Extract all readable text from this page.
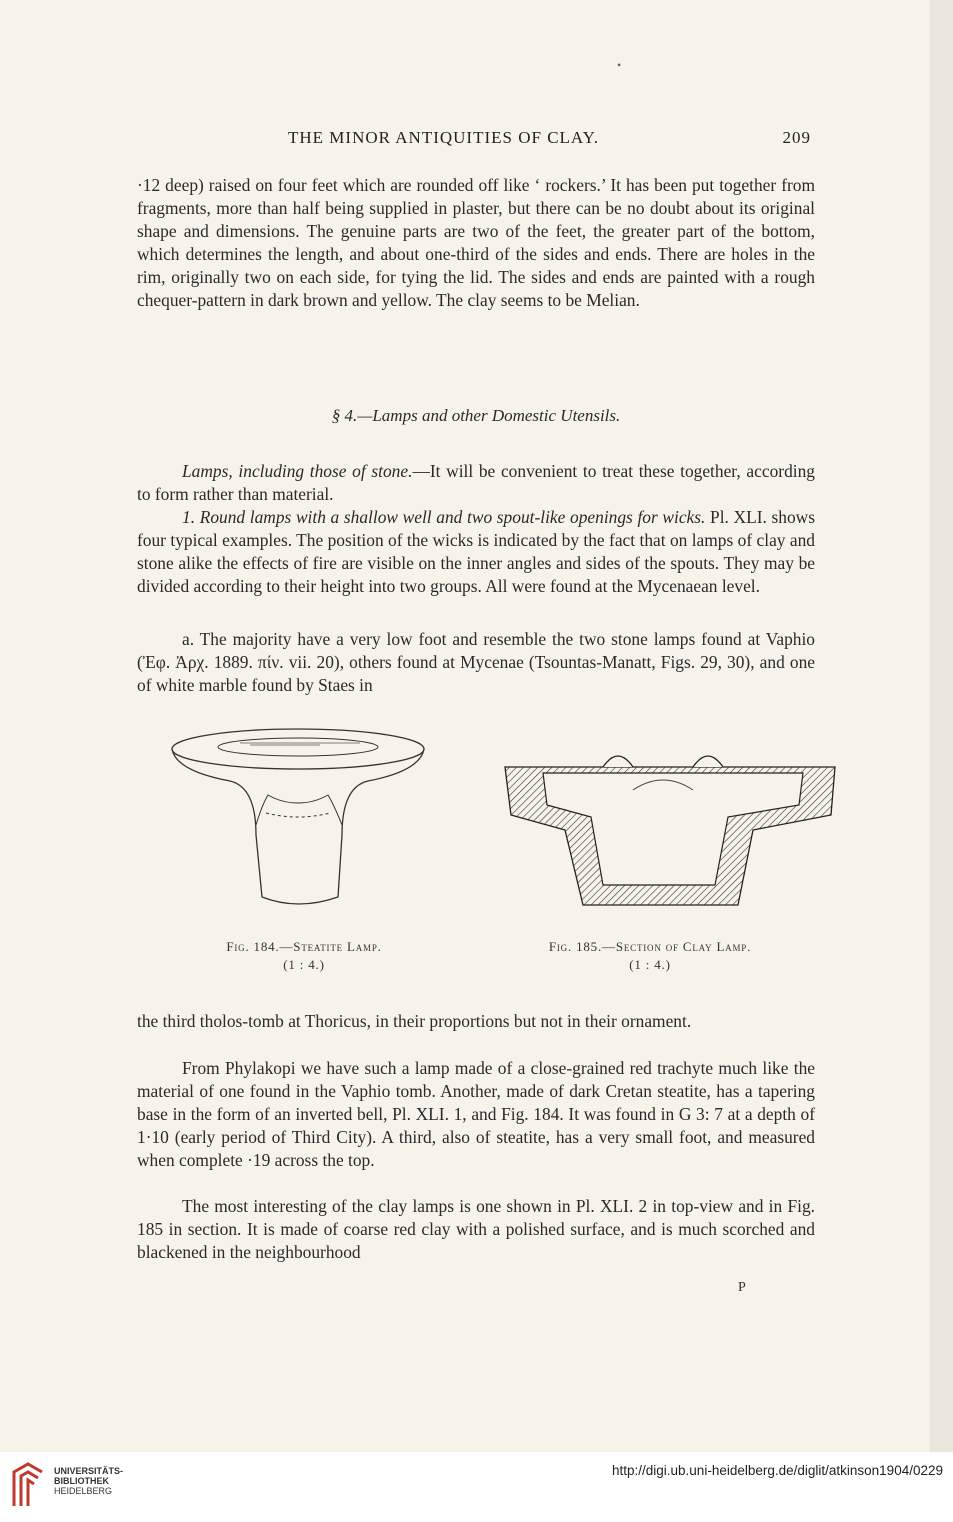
•
THE MINOR ANTIQUITIES OF CLAY.	209

·12 deep) raised on four feet which are rounded off like ‘ rockers.’ It has been put together from fragments, more than half being supplied in plaster, but there can be no doubt about its original shape and dimensions. The genuine parts are two of the feet, the greater part of the bottom, which determines the length, and about one-third of the sides and ends. There are holes in the rim, originally two on each side, for tying the lid. The sides and ends are painted with a rough chequer-pattern in dark brown and yellow. The clay seems to be Melian.

§ 4.—Lamps and other Domestic Utensils.

Lamps, including those of stone.—It will be convenient to treat these together, according to form rather than material.

1. Round lamps with a shallow well and two spout-like openings for wicks. Pl. XLI. shows four typical examples. The position of the wicks is indicated by the fact that on lamps of clay and stone alike the effects of fire are visible on the inner angles and sides of the spouts. They may be divided according to their height into two groups. All were found at the Mycenaean level.

a. The majority have a very low foot and resemble the two stone lamps found at Vaphio (Ἐφ. Ἀρχ. 1889. πίν. vii. 20), others found at Mycenae (Tsountas-Manatt, Figs. 29, 30), and one of white marble found by Staes in

Fig. 184.—Steatite Lamp.
(1 : 4.)
Fig. 185.—Section of Clay Lamp.
(1 : 4.)

the third tholos-tomb at Thoricus, in their proportions but not in their ornament.

From Phylakopi we have such a lamp made of a close-grained red trachyte much like the material of one found in the Vaphio tomb. Another, made of dark Cretan steatite, has a tapering base in the form of an inverted bell, Pl. XLI. 1, and Fig. 184. It was found in G 3: 7 at a depth of 1·10 (early period of Third City). A third, also of steatite, has a very small foot, and measured when complete ·19 across the top.

The most interesting of the clay lamps is one shown in Pl. XLI. 2 in top-view and in Fig. 185 in section. It is made of coarse red clay with a polished surface, and is much scorched and blackened in the neighbourhood

P
UNIVERSITÄTS-
BIBLIOTHEK
HEIDELBERG
http://digi.ub.uni-heidelberg.de/diglit/atkinson1904/0229
